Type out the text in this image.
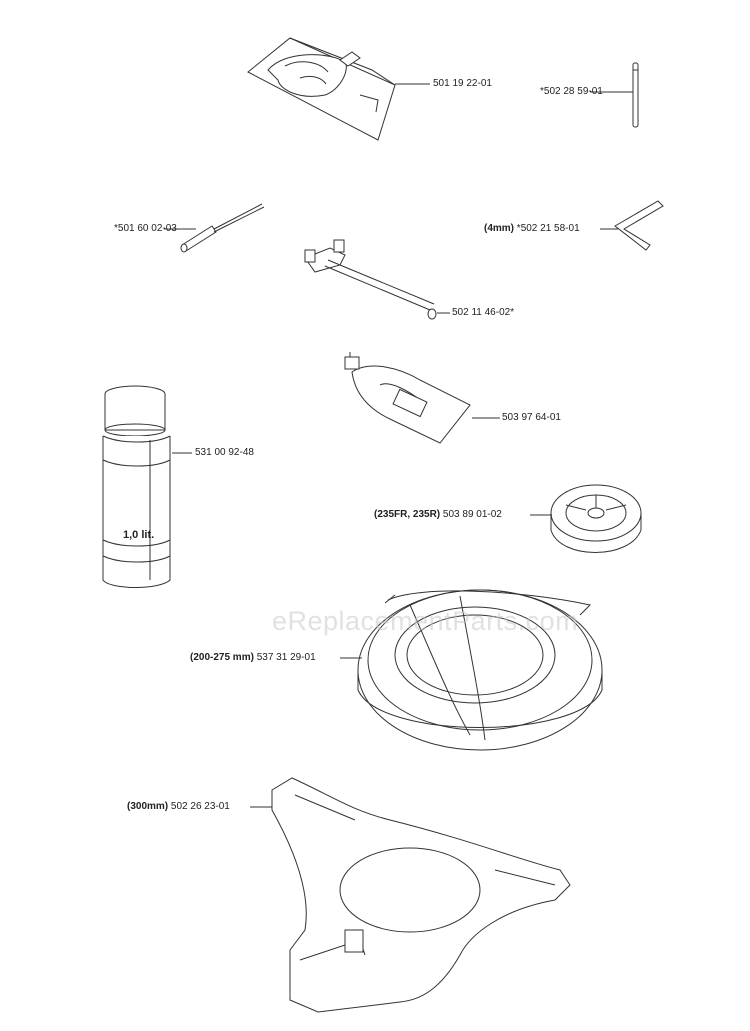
eReplacementParts.com
1,0 lit.
501 19 22-01
*502 28 59-01
*501 60 02-03	(4mm) *502 21 58-01
502 11 46-02*
503 97 64-01
531 00 92-48
(235FR, 235R) 503 89 01-02
(200-275 mm) 537 31 29-01
(300mm) 502 26 23-01
